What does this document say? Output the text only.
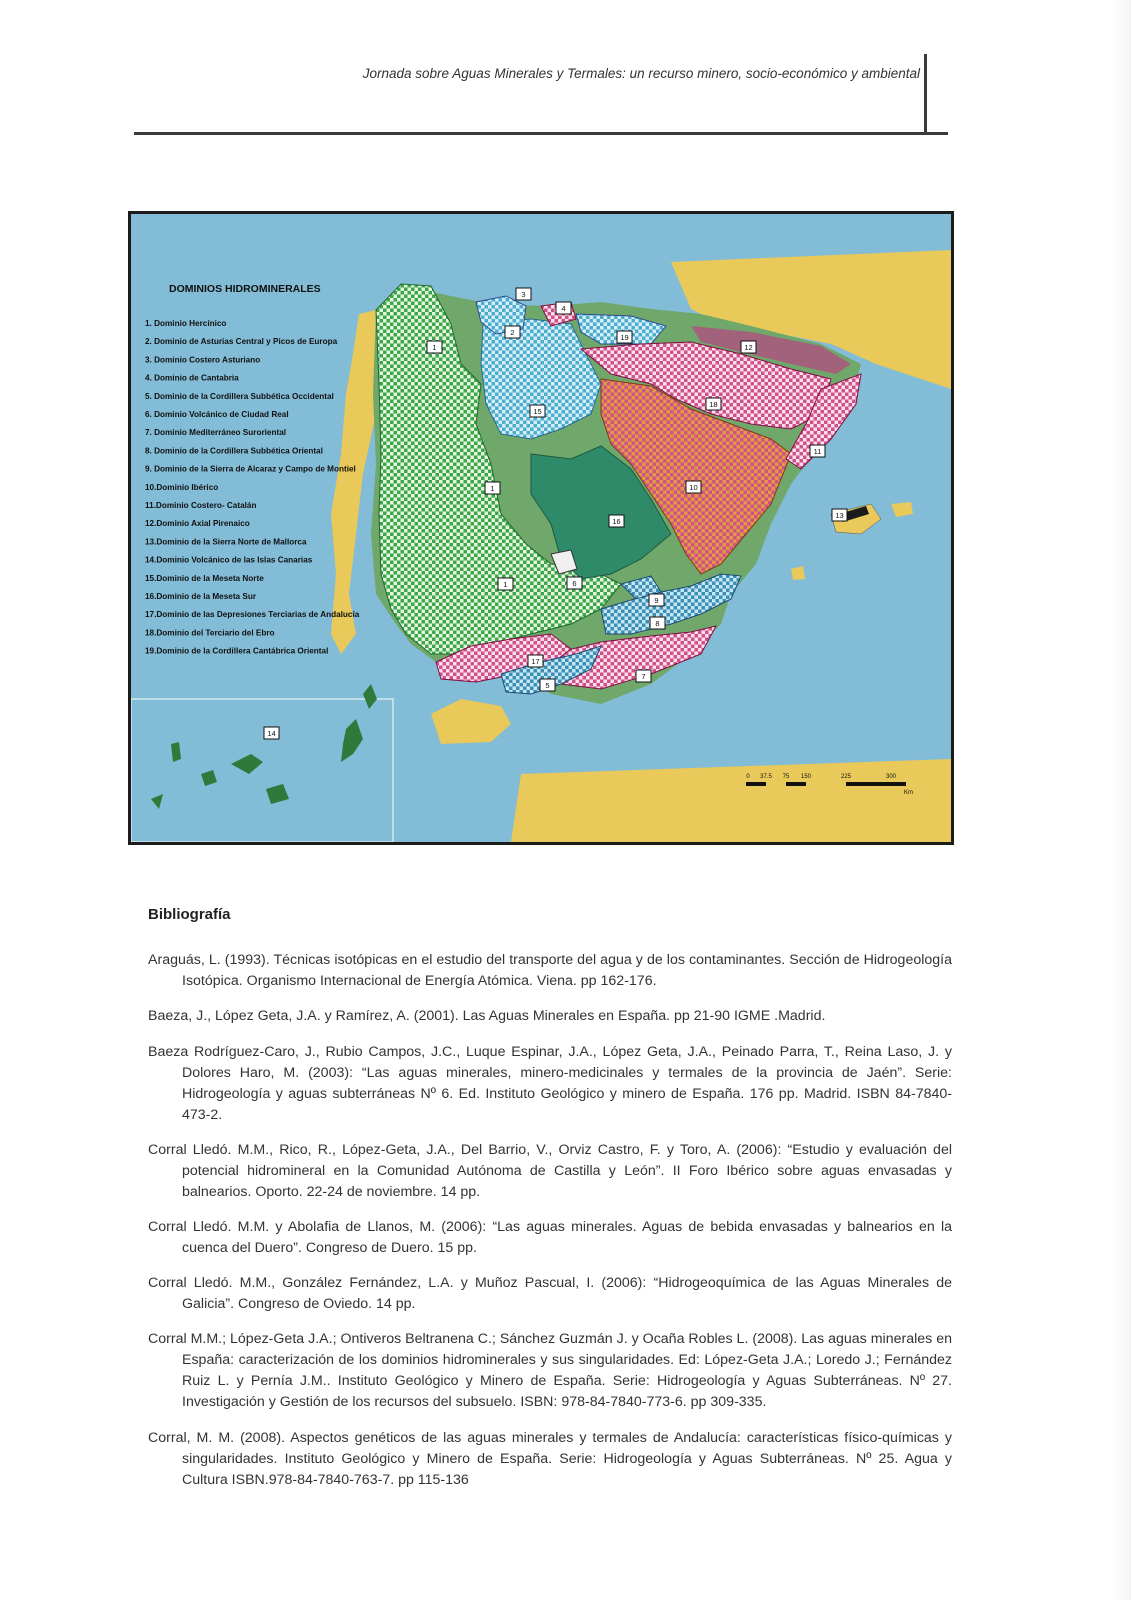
Jornada sobre Aguas Minerales y Termales: un recurso minero, socio-económico y ambiental
DOMINIOS HIDROMINERALES
1. Dominio Hercínico
2. Dominio de Asturias Central y Picos de Europa
3. Dominio Costero Asturiano
4. Dominio de Cantabria
5. Dominio de la Cordillera Subbética Occidental
6. Dominio Volcánico de Ciudad Real
7. Dominio Mediterráneo Suroriental
8. Dominio de la Cordillera Subbética Oriental
9. Dominio de la Sierra de Alcaraz y Campo de Montiel
10.Dominio Ibérico
11.Dominio Costero- Catalán
12.Dominio Axial Pirenaico
13.Dominio de la Sierra Norte de Mallorca
14.Dominio Volcánico de las Islas Canarias
15.Dominio de la Meseta Norte
16.Dominio de la Meseta Sur
17.Dominio de las Depresiones Terciarias de Andalucía
18.Dominio del Terciario del Ebro
19.Dominio de la Cordillera Cantábrica Oriental
1
1
1
2
3
4
5
6
7
8
9
10
11
12
13
14
15
16
17
18
19
0 37.5 75 150	225	300
Km
Bibliografía

Araguás, L. (1993). Técnicas isotópicas en el estudio del transporte del agua y de los contaminantes. Sección de Hidrogeología Isotópica. Organismo Internacional de Energía Atómica. Viena. pp 162-176.

Baeza, J., López Geta, J.A. y Ramírez, A. (2001). Las Aguas Minerales en España. pp 21-90 IGME .Madrid.

Baeza Rodríguez-Caro, J., Rubio Campos, J.C., Luque Espinar, J.A., López Geta, J.A., Peinado Parra, T., Reina Laso, J. y Dolores Haro, M. (2003): “Las aguas minerales, minero-medicinales y termales de la provincia de Jaén”. Serie: Hidrogeología y aguas subterráneas Nº 6. Ed. Instituto Geológico y minero de España. 176 pp. Madrid. ISBN 84-7840-473-2.

Corral Lledó. M.M., Rico, R., López-Geta, J.A., Del Barrio, V., Orviz Castro, F. y Toro, A. (2006): “Estudio y evaluación del potencial hidromineral en la Comunidad Autónoma de Castilla y León”. II Foro Ibérico sobre aguas envasadas y balnearios. Oporto. 22-24 de noviembre. 14 pp.

Corral Lledó. M.M. y Abolafia de Llanos, M. (2006): “Las aguas minerales. Aguas de bebida envasadas y balnearios en la cuenca del Duero”. Congreso de Duero. 15 pp.

Corral Lledó. M.M., González Fernández, L.A. y Muñoz Pascual, I. (2006): “Hidrogeoquímica de las Aguas Minerales de Galicia”. Congreso de Oviedo. 14 pp.

Corral M.M.; López-Geta J.A.; Ontiveros Beltranena C.; Sánchez Guzmán J. y Ocaña Robles L. (2008). Las aguas minerales en España: caracterización de los dominios hidrominerales y sus singularidades. Ed: López-Geta J.A.; Loredo J.; Fernández Ruiz L. y Pernía J.M.. Instituto Geológico y Minero de España. Serie: Hidrogeología y Aguas Subterráneas. Nº 27. Investigación y Gestión de los recursos del subsuelo. ISBN: 978-84-7840-773-6. pp 309-335.

Corral, M. M. (2008). Aspectos genéticos de las aguas minerales y termales de Andalucía: características físico-químicas y singularidades. Instituto Geológico y Minero de España. Serie: Hidrogeología y Aguas Subterráneas. Nº 25. Agua y Cultura ISBN.978-84-7840-763-7. pp 115-136
